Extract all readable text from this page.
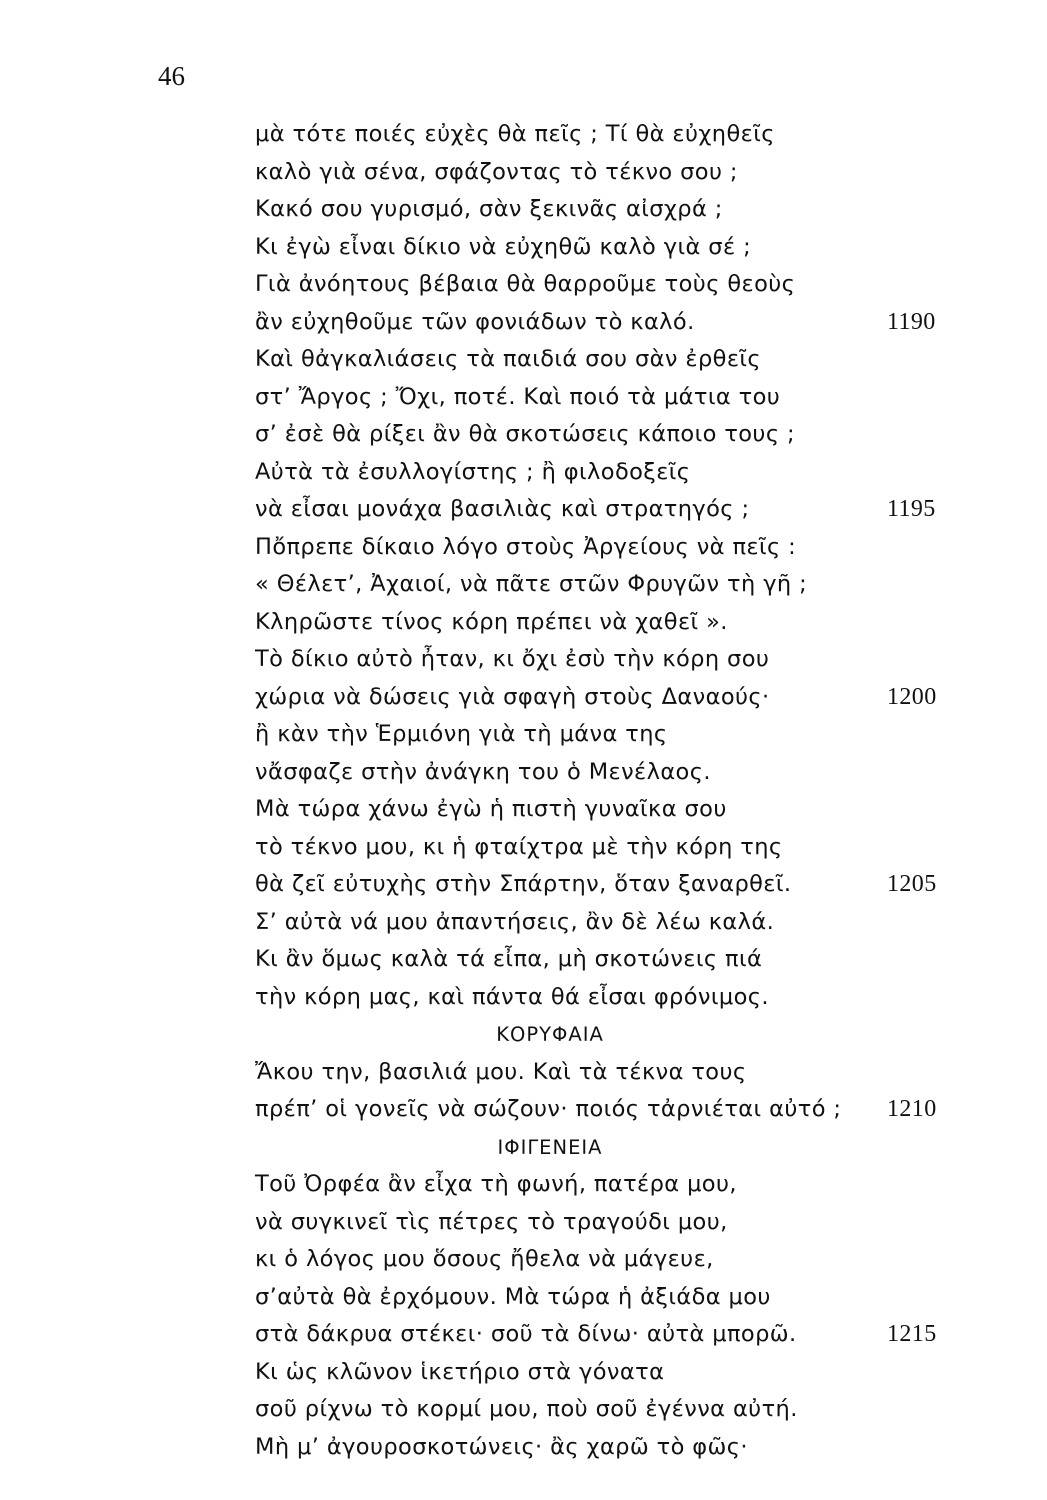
46
μὰ τότε ποιές εὐχὲς θὰ πεῖς ; Τί θὰ εὐχηθεῖς
καλὸ γιὰ σένα, σφάζοντας τὸ τέκνο σου ;
Κακό σου γυρισμό, σὰν ξεκινᾶς αἰσχρά ;
Κι ἐγὼ εἶναι δίκιο νὰ εὐχηθῶ καλὸ γιὰ σέ ;
Γιὰ ἀνόητους βέβαια θὰ θαρροῦμε τοὺς θεοὺς
ἂν εὐχηθοῦμε τῶν φονιάδων τὸ καλό.	1190
Καὶ θἀγκαλιάσεις τὰ παιδιά σου σὰν ἐρθεῖς
στ’ Ἄργος ; Ὄχι, ποτέ. Καὶ ποιό τὰ μάτια του
σ’ ἐσὲ θὰ ρίξει ἂν θὰ σκοτώσεις κάποιο τους ;
Αὐτὰ τὰ ἐσυλλογίστης ; ἢ φιλοδοξεῖς
νὰ εἶσαι μονάχα βασιλιὰς καὶ στρατηγός ;	1195
Πὄπρεπε δίκαιο λόγο στοὺς Ἀργείους νὰ πεῖς :
« Θέλετ’, Ἀχαιοί, νὰ πᾶτε στῶν Φρυγῶν τὴ γῆ ;
Κληρῶστε τίνος κόρη πρέπει νὰ χαθεῖ ».
Τὸ δίκιο αὐτὸ ἦταν, κι ὄχι ἐσὺ τὴν κόρη σου
χώρια νὰ δώσεις γιὰ σφαγὴ στοὺς Δαναούς·	1200
ἢ κὰν τὴν Ἑρμιόνη γιὰ τὴ μάνα της
νἄσφαζε στὴν ἀνάγκη του ὁ Μενέλαος.
Μὰ τώρα χάνω ἐγὼ ἡ πιστὴ γυναῖκα σου
τὸ τέκνο μου, κι ἡ φταίχτρα μὲ τὴν κόρη της
θὰ ζεῖ εὐτυχὴς στὴν Σπάρτην, ὅταν ξαναρθεῖ.	1205
Σ’ αὐτὰ νά μου ἀπαντήσεις, ἂν δὲ λέω καλά.
Κι ἂν ὅμως καλὰ τά εἶπα, μὴ σκοτώνεις πιά
τὴν κόρη μας, καὶ πάντα θά εἶσαι φρόνιμος.
ΚΟΡΥΦΑΙΑ
Ἄκου την, βασιλιά μου. Καὶ τὰ τέκνα τους
πρέπ’ οἱ γονεῖς νὰ σώζουν· ποιός τἀρνιέται αὐτό ; 1210
ΙΦΙΓΕΝΕΙΑ
Τοῦ Ὀρφέα ἂν εἶχα τὴ φωνή, πατέρα μου,
νὰ συγκινεῖ τὶς πέτρες τὸ τραγούδι μου,
κι ὁ λόγος μου ὅσους ἤθελα νὰ μάγευε,
σ’αὐτὰ θὰ ἐρχόμουν. Μὰ τώρα ἡ ἀξιάδα μου
στὰ δάκρυα στέκει· σοῦ τὰ δίνω· αὐτὰ μπορῶ.	1215
Κι ὡς κλῶνον ἱκετήριο στὰ γόνατα
σοῦ ρίχνω τὸ κορμί μου, ποὺ σοῦ ἐγέννα αὐτή.
Μὴ μ’ ἀγουροσκοτώνεις· ἂς χαρῶ τὸ φῶς·
